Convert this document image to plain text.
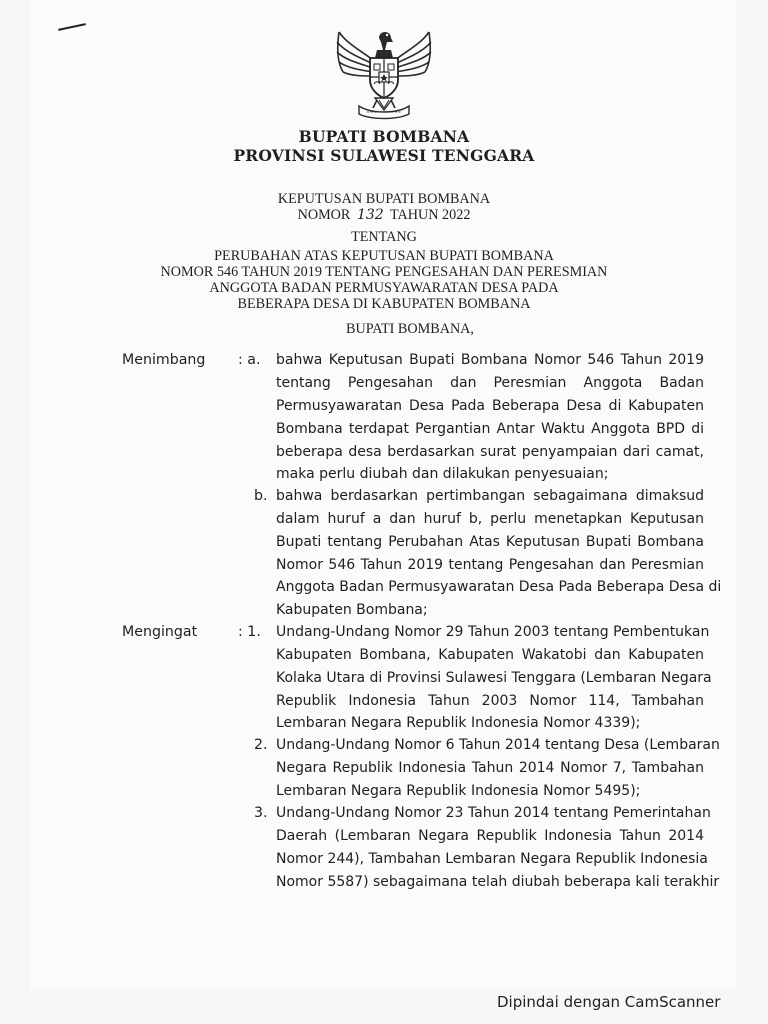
BUPATI BOMBANA
PROVINSI SULAWESI TENGGARA
KEPUTUSAN BUPATI BOMBANA
NOMOR 132 TAHUN 2022
TENTANG
PERUBAHAN ATAS KEPUTUSAN BUPATI BOMBANA
NOMOR 546 TAHUN 2019 TENTANG PENGESAHAN DAN PERESMIAN
ANGGOTA BADAN PERMUSYAWARATAN DESA PADA
BEBERAPA DESA DI KABUPATEN BOMBANA
BUPATI BOMBANA,
Menimbang : a. bahwa Keputusan Bupati Bombana Nomor 546 Tahun 2019
tentang Pengesahan dan Peresmian Anggota Badan
Permusyawaratan Desa Pada Beberapa Desa di Kabupaten
Bombana terdapat Pergantian Antar Waktu Anggota BPD di
beberapa desa berdasarkan surat penyampaian dari camat,
maka perlu diubah dan dilakukan penyesuaian;
b. bahwa berdasarkan pertimbangan sebagaimana dimaksud
dalam huruf a dan huruf b, perlu menetapkan Keputusan
Bupati tentang Perubahan Atas Keputusan Bupati Bombana
Nomor 546 Tahun 2019 tentang Pengesahan dan Peresmian
Anggota Badan Permusyawaratan Desa Pada Beberapa Desa di
Kabupaten Bombana;
Mengingat	: 1. Undang-Undang Nomor 29 Tahun 2003 tentang Pembentukan
Kabupaten Bombana, Kabupaten Wakatobi dan Kabupaten
Kolaka Utara di Provinsi Sulawesi Tenggara (Lembaran Negara
Republik Indonesia Tahun 2003 Nomor 114, Tambahan
Lembaran Negara Republik Indonesia Nomor 4339);
2. Undang-Undang Nomor 6 Tahun 2014 tentang Desa (Lembaran
Negara Republik Indonesia Tahun 2014 Nomor 7, Tambahan
Lembaran Negara Republik Indonesia Nomor 5495);
3. Undang-Undang Nomor 23 Tahun 2014 tentang Pemerintahan
Daerah (Lembaran Negara Republik Indonesia Tahun 2014
Nomor 244), Tambahan Lembaran Negara Republik Indonesia
Nomor 5587) sebagaimana telah diubah beberapa kali terakhir
Dipindai dengan CamScanner
